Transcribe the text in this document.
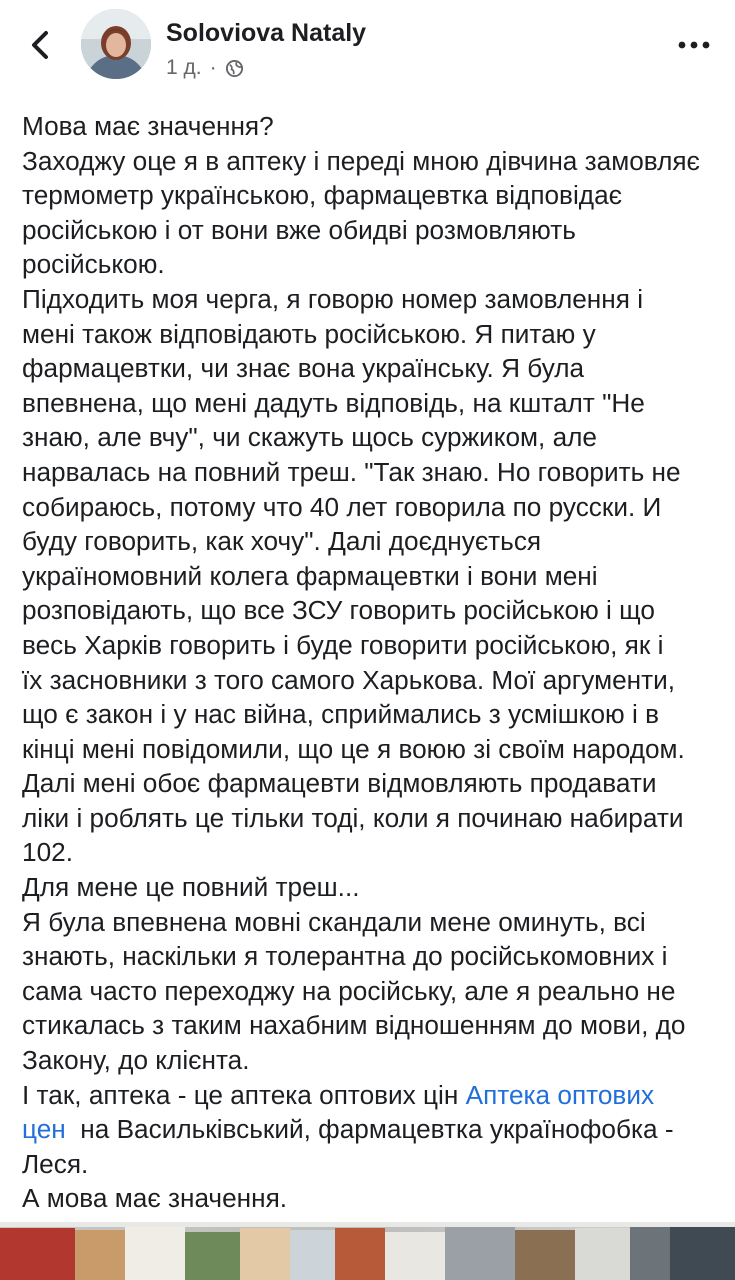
Soloviova Nataly
1 д. ·

Мова має значення?

Заходжу оце я в аптеку і переді мною дівчина замовляє

термометр українською, фармацевтка відповідає

російською і от вони вже обидві розмовляють

російською.

Підходить моя черга, я говорю номер замовлення і

мені також відповідають російською. Я питаю у

фармацевтки, чи знає вона українську. Я була

впевнена, що мені дадуть відповідь, на кшталт "Не

знаю, але вчу", чи скажуть щось суржиком, але

нарвалась на повний треш. "Так знаю. Но говорить не

собираюсь, потому что 40 лет говорила по русски. И

буду говорить, как хочу". Далі доєднується

україномовний колега фармацевтки і вони мені

розповідають, що все ЗСУ говорить російською і що

весь Харків говорить і буде говорити російською, як і

їх засновники з того самого Харькова. Мої аргументи,

що є закон і у нас війна, сприймались з усмішкою і в

кінці мені повідомили, що це я воюю зі своїм народом.

Далі мені обоє фармацевти відмовляють продавати

ліки і роблять це тільки тоді, коли я починаю набирати

102.

Для мене це повний треш...

Я була впевнена мовні скандали мене оминуть, всі

знають, наскільки я толерантна до російськомовних і

сама часто переходжу на російську, але я реально не

стикалась з таким нахабним відношенням до мови, до

Закону, до клієнта.

І так, аптека - це аптека оптових цін Аптека оптових

цен  на Васильківський, фармацевтка українофобка -

Леся.

А мова має значення.
